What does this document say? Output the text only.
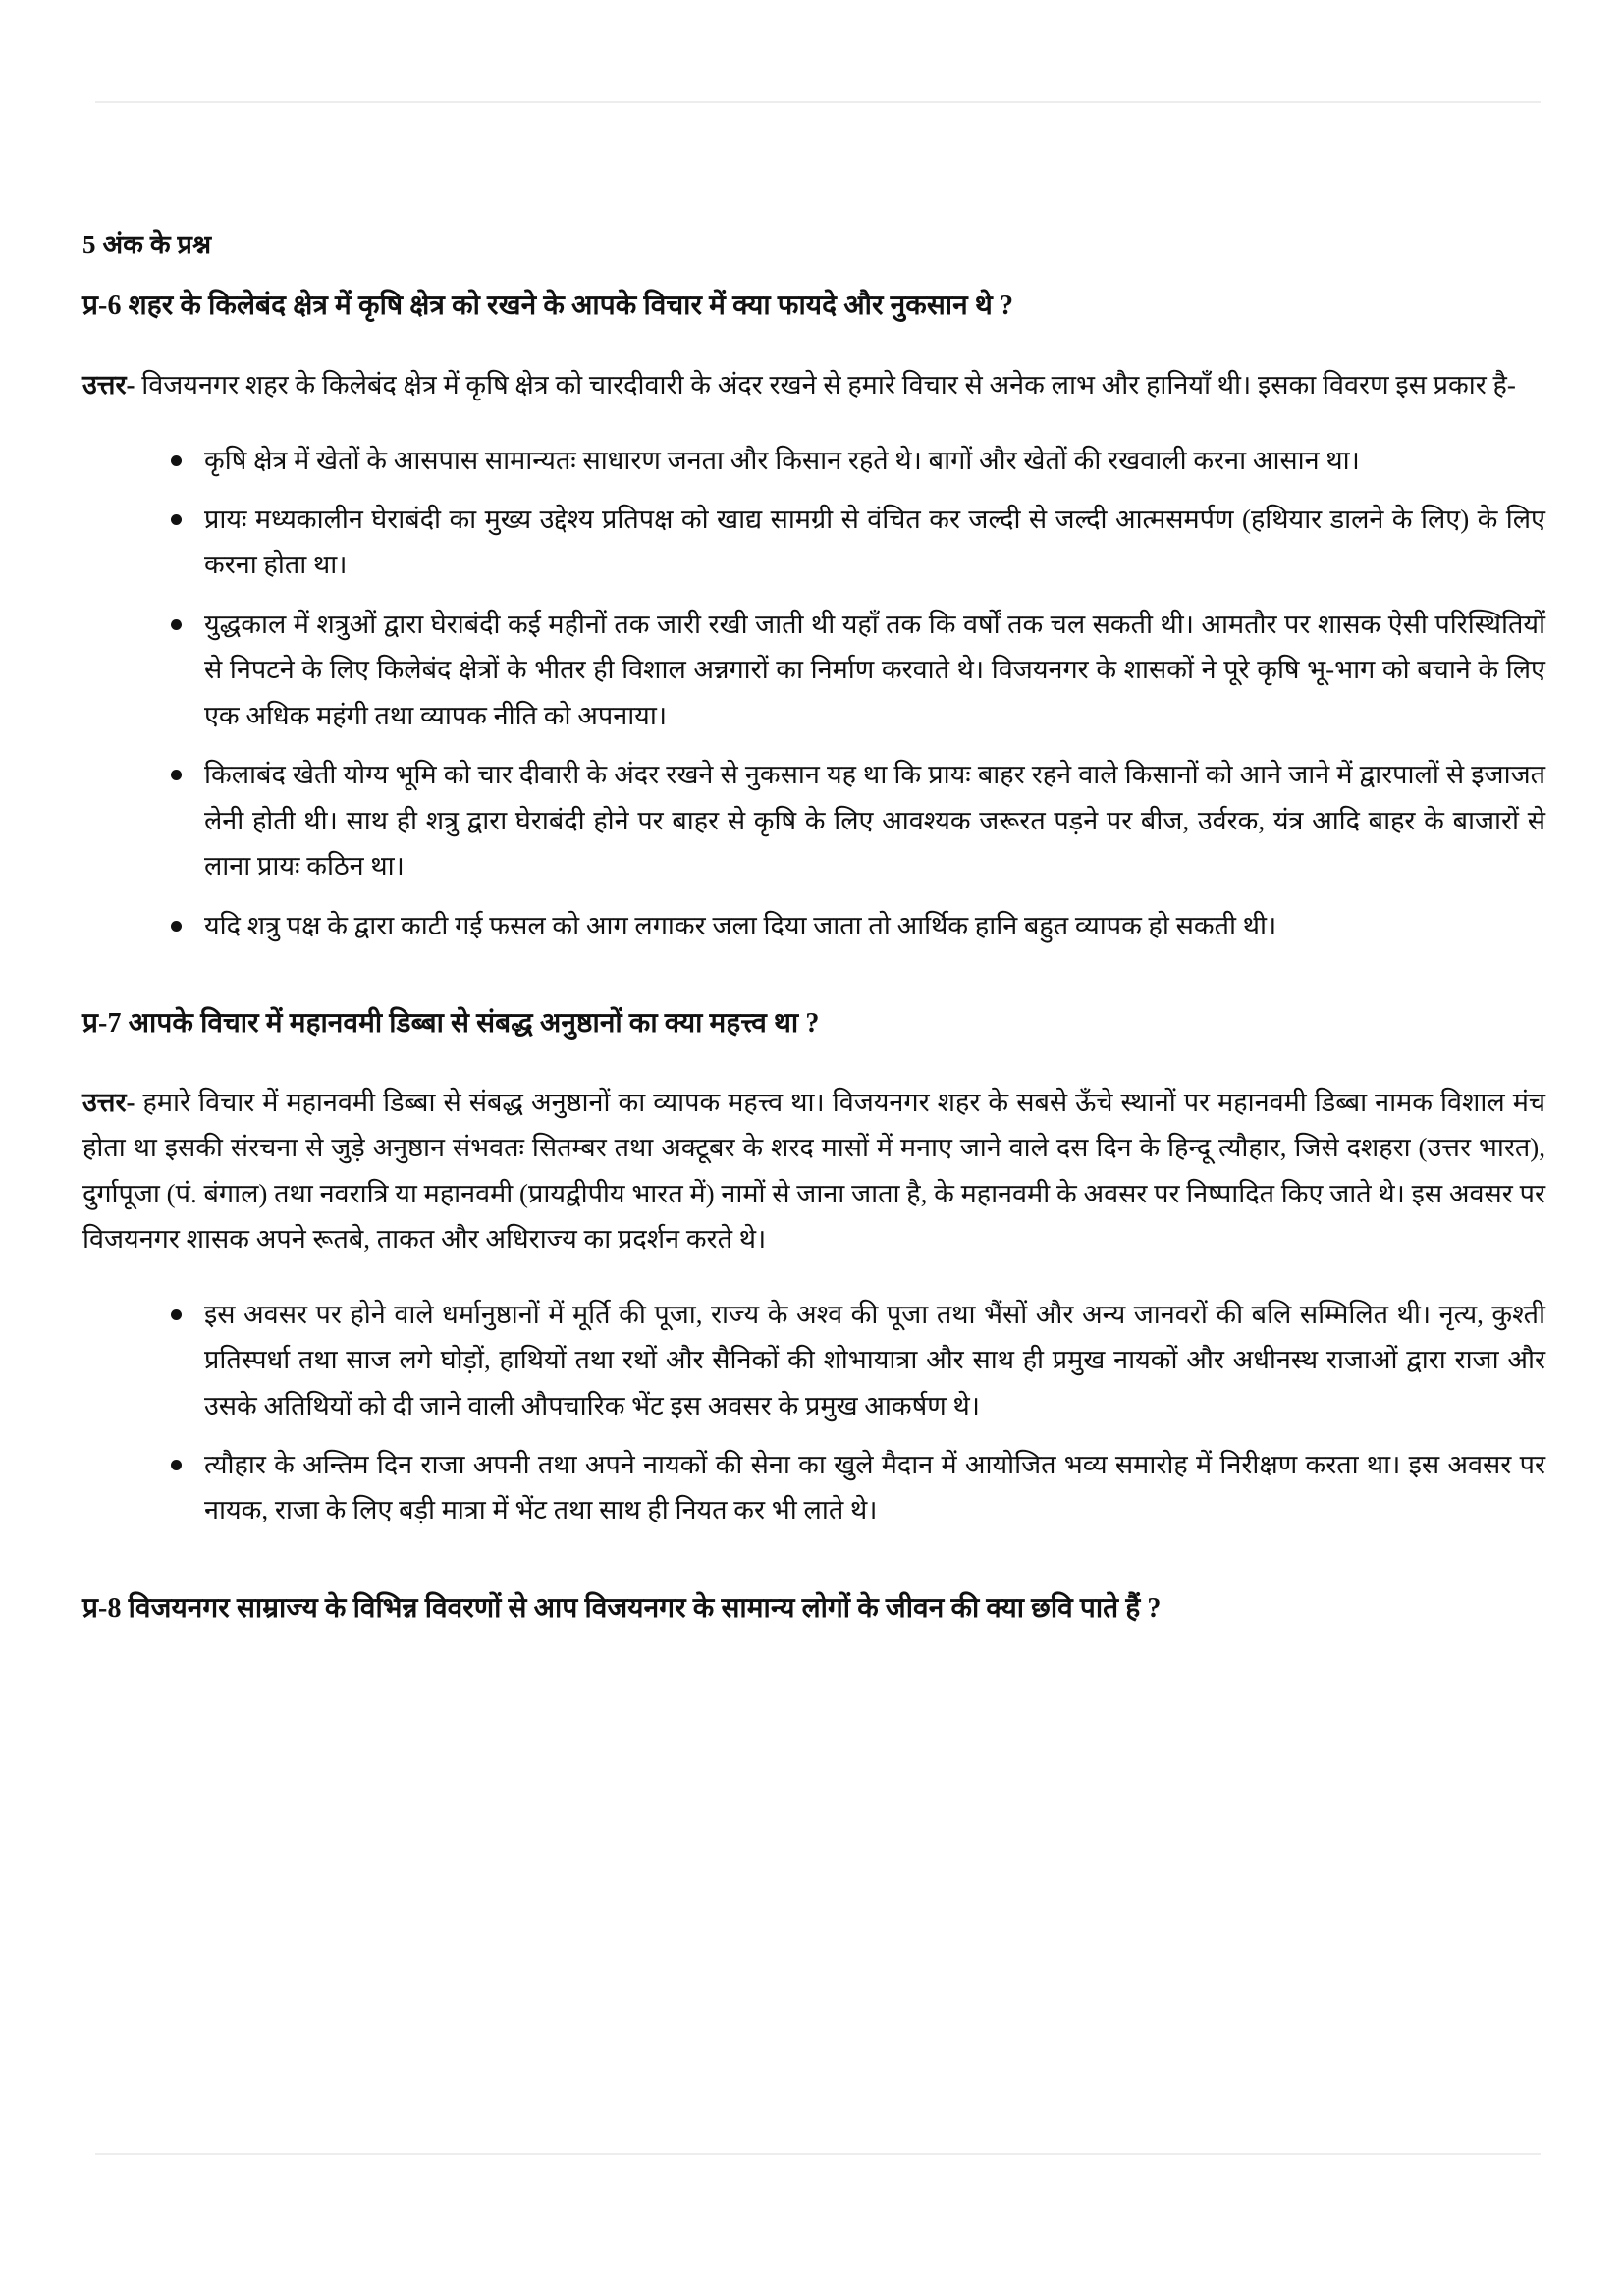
5 अंक के प्रश्न
प्र-6 शहर के किलेबंद क्षेत्र में कृषि क्षेत्र को रखने के आपके विचार में क्या फायदे और नुकसान थे ?

उत्तर- विजयनगर शहर के किलेबंद क्षेत्र में कृषि क्षेत्र को चारदीवारी के अंदर रखने से हमारे विचार से अनेक लाभ और हानियाँ थी। इसका विवरण इस प्रकार है-

कृषि क्षेत्र में खेतों के आसपास सामान्यतः साधारण जनता और किसान रहते थे। बागों और खेतों की रखवाली करना आसान था।
प्रायः मध्यकालीन घेराबंदी का मुख्य उद्देश्य प्रतिपक्ष को खाद्य सामग्री से वंचित कर जल्दी से जल्दी आत्मसमर्पण (हथियार डालने के लिए) के लिए करना होता था।
युद्धकाल में शत्रुओं द्वारा घेराबंदी कई महीनों तक जारी रखी जाती थी यहाँ तक कि वर्षों तक चल सकती थी। आमतौर पर शासक ऐसी परिस्थितियों से निपटने के लिए किलेबंद क्षेत्रों के भीतर ही विशाल अन्नगारों का निर्माण करवाते थे। विजयनगर के शासकों ने पूरे कृषि भू-भाग को बचाने के लिए एक अधिक महंगी तथा व्यापक नीति को अपनाया।
किलाबंद खेती योग्य भूमि को चार दीवारी के अंदर रखने से नुकसान यह था कि प्रायः बाहर रहने वाले किसानों को आने जाने में द्वारपालों से इजाजत लेनी होती थी। साथ ही शत्रु द्वारा घेराबंदी होने पर बाहर से कृषि के लिए आवश्यक जरूरत पड़ने पर बीज, उर्वरक, यंत्र आदि बाहर के बाजारों से लाना प्रायः कठिन था।
यदि शत्रु पक्ष के द्वारा काटी गई फसल को आग लगाकर जला दिया जाता तो आर्थिक हानि बहुत व्यापक हो सकती थी।
प्र-7 आपके विचार में महानवमी डिब्बा से संबद्ध अनुष्ठानों का क्या महत्त्व था ?

उत्तर- हमारे विचार में महानवमी डिब्बा से संबद्ध अनुष्ठानों का व्यापक महत्त्व था। विजयनगर शहर के सबसे ऊँचे स्थानों पर महानवमी डिब्बा नामक विशाल मंच होता था इसकी संरचना से जुड़े अनुष्ठान संभवतः सितम्बर तथा अक्टूबर के शरद मासों में मनाए जाने वाले दस दिन के हिन्दू त्यौहार, जिसे दशहरा (उत्तर भारत), दुर्गापूजा (पं. बंगाल) तथा नवरात्रि या महानवमी (प्रायद्वीपीय भारत में) नामों से जाना जाता है, के महानवमी के अवसर पर निष्पादित किए जाते थे। इस अवसर पर विजयनगर शासक अपने रूतबे, ताकत और अधिराज्य का प्रदर्शन करते थे।

इस अवसर पर होने वाले धर्मानुष्ठानों में मूर्ति की पूजा, राज्य के अश्व की पूजा तथा भैंसों और अन्य जानवरों की बलि सम्मिलित थी। नृत्य, कुश्ती प्रतिस्पर्धा तथा साज लगे घोड़ों, हाथियों तथा रथों और सैनिकों की शोभायात्रा और साथ ही प्रमुख नायकों और अधीनस्थ राजाओं द्वारा राजा और उसके अतिथियों को दी जाने वाली औपचारिक भेंट इस अवसर के प्रमुख आकर्षण थे।
त्यौहार के अन्तिम दिन राजा अपनी तथा अपने नायकों की सेना का खुले मैदान में आयोजित भव्य समारोह में निरीक्षण करता था। इस अवसर पर नायक, राजा के लिए बड़ी मात्रा में भेंट तथा साथ ही नियत कर भी लाते थे।
प्र-8 विजयनगर साम्राज्य के विभिन्न विवरणों से आप विजयनगर के सामान्य लोगों के जीवन की क्या छवि पाते हैं ?
